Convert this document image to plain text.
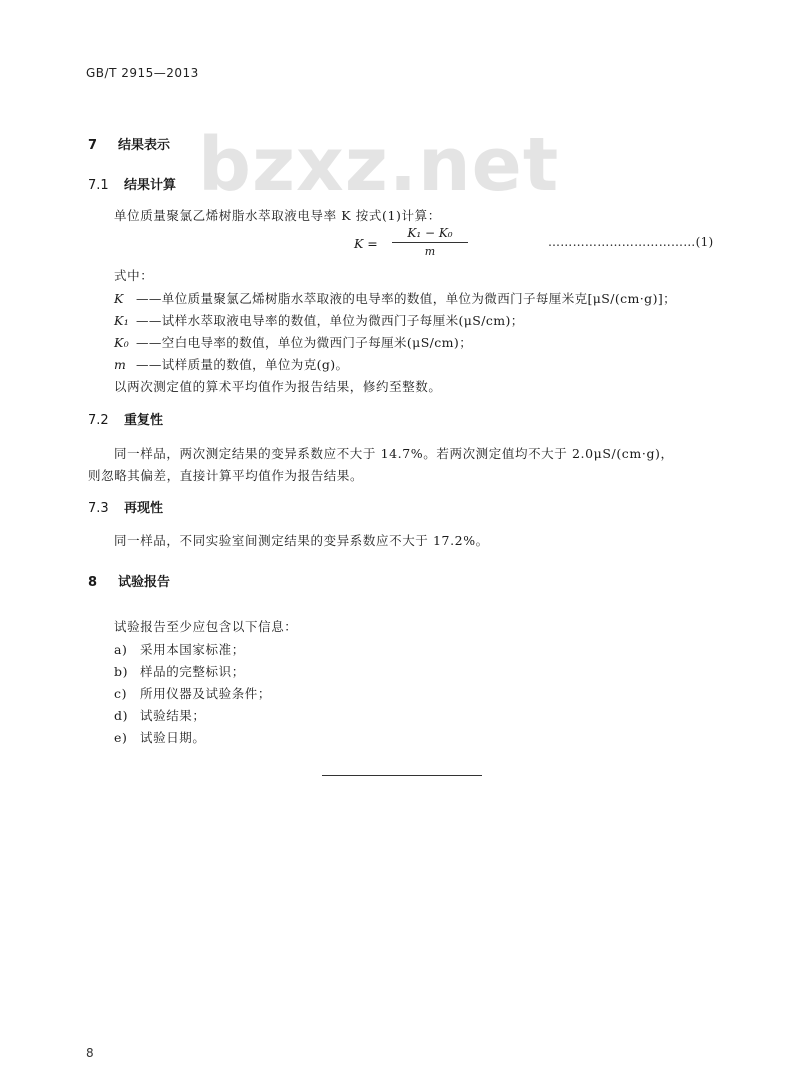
GB/T 2915—2013
bzxz.net
7 结果表示
7.1 结果计算
单位质量聚氯乙烯树脂水萃取液电导率 K 按式(1)计算：
K =
K₁ − K₀
m
………………………………(1)
式中：
K ——单位质量聚氯乙烯树脂水萃取液的电导率的数值，单位为微西门子每厘米克[μS/(cm·g)]；
K₁ ——试样水萃取液电导率的数值，单位为微西门子每厘米(μS/cm)；
K₀ ——空白电导率的数值，单位为微西门子每厘米(μS/cm)；
m ——试样质量的数值，单位为克(g)。
以两次测定值的算术平均值作为报告结果，修约至整数。
7.2 重复性
同一样品，两次测定结果的变异系数应不大于 14.7%。若两次测定值均不大于 2.0μS/(cm·g)，
则忽略其偏差，直接计算平均值作为报告结果。
7.3 再现性
同一样品，不同实验室间测定结果的变异系数应不大于 17.2%。
8 试验报告
试验报告至少应包含以下信息：
a) 采用本国家标准；
b) 样品的完整标识；
c) 所用仪器及试验条件；
d) 试验结果；
e) 试验日期。
8
